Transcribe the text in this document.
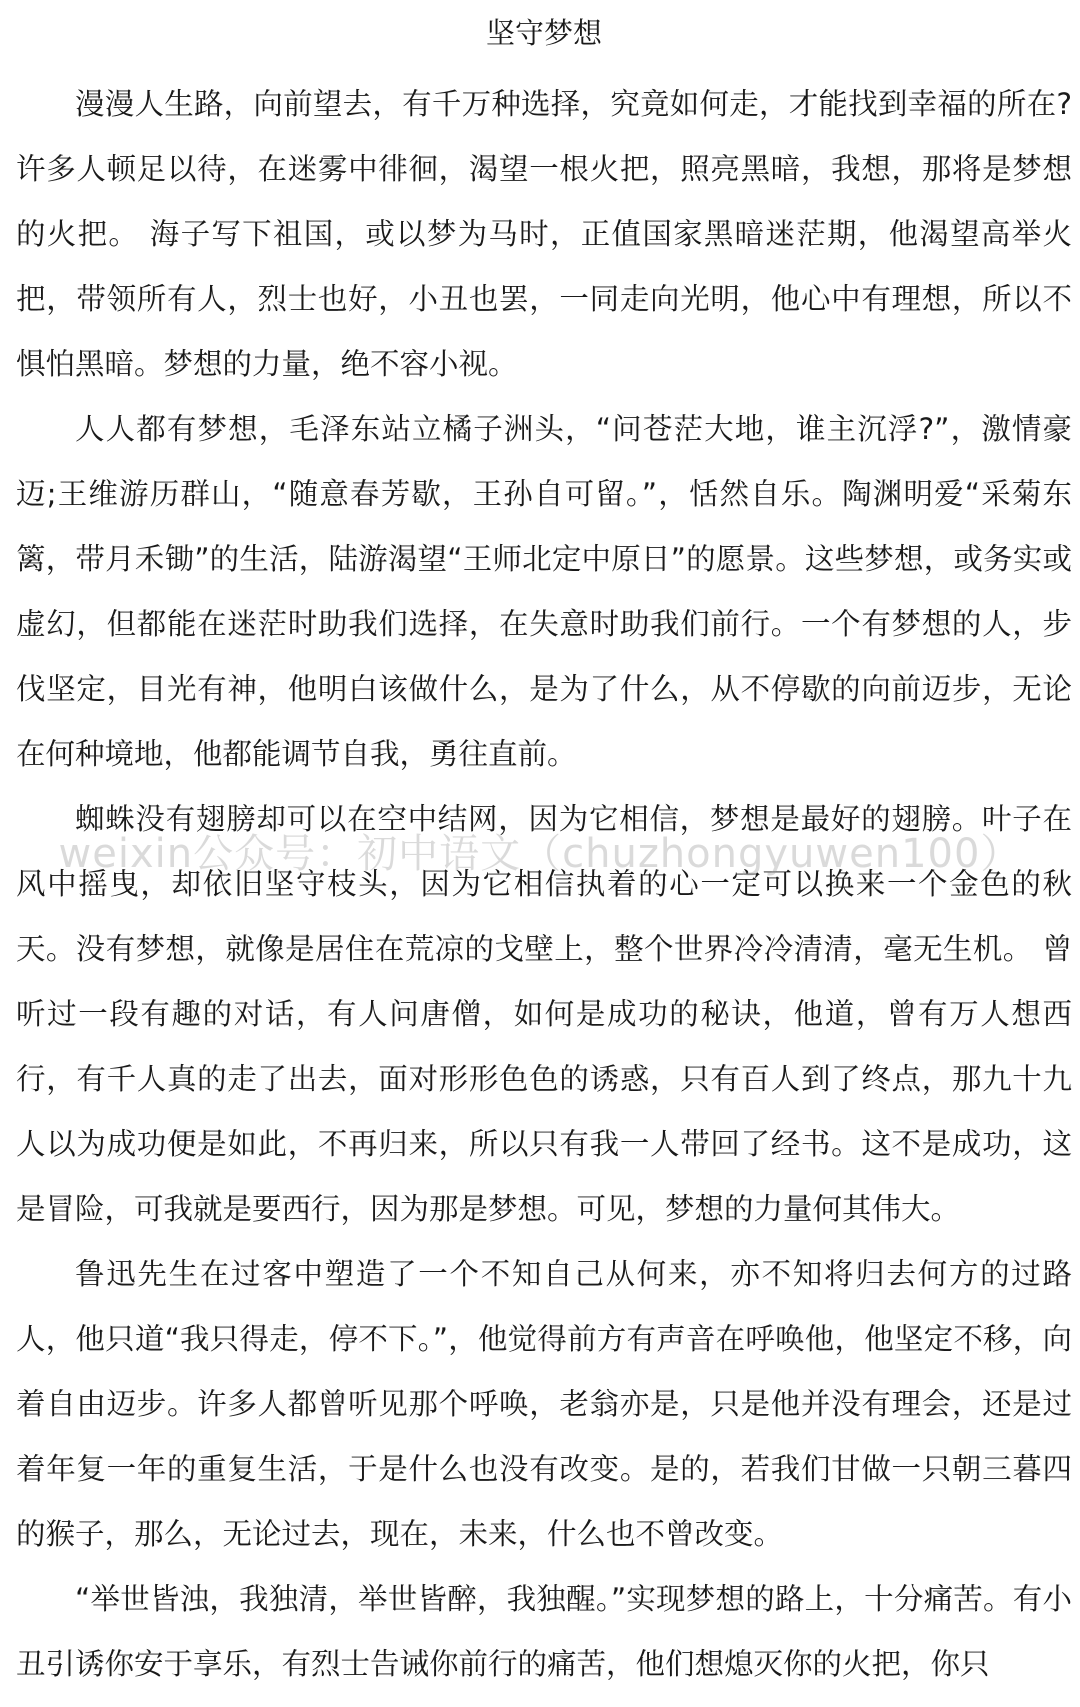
坚守梦想

漫漫人生路，向前望去，有千万种选择，究竟如何走，才能找到幸福的所在?许多人顿足以待，在迷雾中徘徊，渴望一根火把，照亮黑暗，我想，那将是梦想的火把。 海子写下祖国，或以梦为马时，正值国家黑暗迷茫期，他渴望高举火把，带领所有人，烈士也好，小丑也罢，一同走向光明，他心中有理想，所以不惧怕黑暗。梦想的力量，绝不容小视。

人人都有梦想，毛泽东站立橘子洲头，“问苍茫大地，谁主沉浮?”，激情豪迈;王维游历群山，“随意春芳歇，王孙自可留。”，恬然自乐。陶渊明爱“采菊东篱，带月禾锄”的生活，陆游渴望“王师北定中原日”的愿景。这些梦想，或务实或虚幻，但都能在迷茫时助我们选择，在失意时助我们前行。一个有梦想的人，步伐坚定，目光有神，他明白该做什么，是为了什么，从不停歇的向前迈步，无论在何种境地，他都能调节自我，勇往直前。

蜘蛛没有翅膀却可以在空中结网，因为它相信，梦想是最好的翅膀。叶子在风中摇曳，却依旧坚守枝头，因为它相信执着的心一定可以换来一个金色的秋天。没有梦想，就像是居住在荒凉的戈壁上，整个世界冷冷清清，毫无生机。 曾听过一段有趣的对话，有人问唐僧，如何是成功的秘诀，他道，曾有万人想西行，有千人真的走了出去，面对形形色色的诱惑，只有百人到了终点，那九十九人以为成功便是如此，不再归来，所以只有我一人带回了经书。这不是成功，这是冒险，可我就是要西行，因为那是梦想。可见，梦想的力量何其伟大。

鲁迅先生在过客中塑造了一个不知自己从何来，亦不知将归去何方的过路人，他只道“我只得走，停不下。”，他觉得前方有声音在呼唤他，他坚定不移，向着自由迈步。许多人都曾听见那个呼唤，老翁亦是，只是他并没有理会，还是过着年复一年的重复生活，于是什么也没有改变。是的，若我们甘做一只朝三暮四的猴子，那么，无论过去，现在，未来，什么也不曾改变。

“举世皆浊，我独清，举世皆醉，我独醒。”实现梦想的路上，十分痛苦。有小丑引诱你安于享乐，有烈士告诫你前行的痛苦，他们想熄灭你的火把，你只

weixin公众号：初中语文（chuzhongyuwen100）
